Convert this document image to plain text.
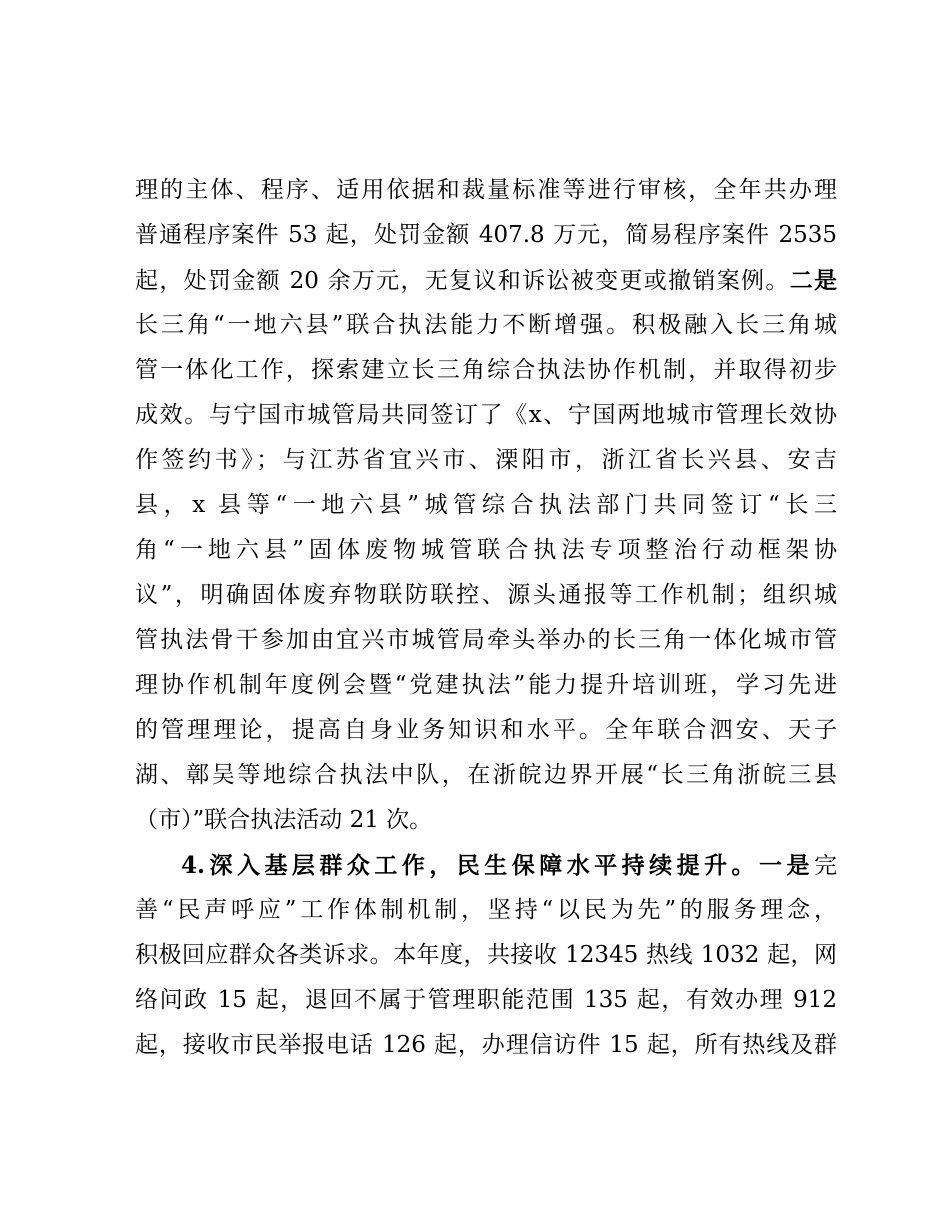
理的主体、程序、适用依据和裁量标准等进行审核，全年共办理
普通程序案件 53 起，处罚金额 407.8 万元，简易程序案件 2535
起，处罚金额 20 余万元，无复议和诉讼被变更或撤销案例。二是
长三角“一地六县”联合执法能力不断增强。积极融入长三角城
管一体化工作，探索建立长三角综合执法协作机制，并取得初步
成效。与宁国市城管局共同签订了《x、宁国两地城市管理长效协
作签约书》；与江苏省宜兴市、溧阳市，浙江省长兴县、安吉
县，x 县等“一地六县”城管综合执法部门共同签订“长三
角“一地六县”固体废物城管联合执法专项整治行动框架协
议”，明确固体废弃物联防联控、源头通报等工作机制；组织城
管执法骨干参加由宜兴市城管局牵头举办的长三角一体化城市管
理协作机制年度例会暨“党建执法”能力提升培训班，学习先进
的管理理论，提高自身业务知识和水平。全年联合泗安、天子
湖、鄣吴等地综合执法中队，在浙皖边界开展“长三角浙皖三县
（市）”联合执法活动 21 次。
4.深入基层群众工作，民生保障水平持续提升。一是完
善“民声呼应”工作体制机制，坚持“以民为先”的服务理念，
积极回应群众各类诉求。本年度，共接收 12345 热线 1032 起，网
络问政 15 起，退回不属于管理职能范围 135 起，有效办理 912
起，接收市民举报电话 126 起，办理信访件 15 起，所有热线及群
